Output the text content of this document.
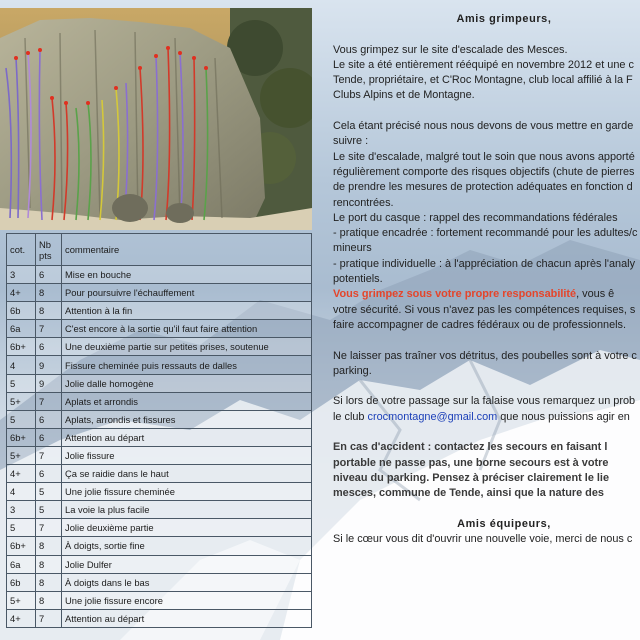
cot.	Nb pts	commentaire
3	6	Mise en bouche
4+	8	Pour poursuivre l'échauffement
6b	8	Attention à la fin
6a	7	C'est encore à la sortie qu'il faut faire attention
6b+	6	Une deuxième partie sur petites prises, soutenue
4	9	Fissure cheminée puis ressauts de dalles
5	9	Jolie dalle homogène
5+	7	Aplats et arrondis
5	6	Aplats, arrondis et fissures
6b+	6	Attention au départ
5+	7	Jolie fissure
4+	6	Ça se raidie dans le haut
4	5	Une jolie fissure cheminée
3	5	La voie la plus facile
5	7	Jolie deuxième partie
6b+	8	À doigts, sortie fine
6a	8	Jolie Dulfer
6b	8	À doigts dans le bas
5+	8	Une jolie fissure encore
4+	7	Attention au départ

Amis grimpeurs,

Vous grimpez sur le site d'escalade des Mesces.

Le site a été entièrement rééquipé en novembre 2012 et une c

Tende, propriétaire, et C'Roc Montagne, club local affilié à la F

Clubs Alpins et de Montagne.

Cela étant précisé nous nous devons de vous mettre en garde

suivre :

Le site d'escalade, malgré tout le soin que nous avons apporté

régulièrement comporte des risques objectifs (chute de pierres

de prendre les mesures de protection adéquates en fonction d

rencontrées.

Le port du casque : rappel des recommandations fédérales

- pratique encadrée : fortement recommandé pour les adultes/c

mineurs

- pratique individuelle : à l'appréciation de chacun après l'analy

potentiels.

Vous grimpez sous votre propre responsabilité, vous ê

votre sécurité. Si vous n'avez pas les compétences requises, s

faire accompagner de cadres fédéraux ou de professionnels.

Ne laisser pas traîner vos détritus, des poubelles sont à votre c

parking.

Si lors de votre passage sur la falaise vous remarquez un prob

le club crocmontagne@gmail.com que nous puissions agir en

En cas d'accident : contactez les secours en faisant l

portable ne passe pas, une borne secours est à votre

niveau du parking. Pensez à préciser clairement le lie

mesces, commune de Tende, ainsi que la nature des

Amis équipeurs,

Si le cœur vous dit d'ouvrir une nouvelle voie, merci de nous c
